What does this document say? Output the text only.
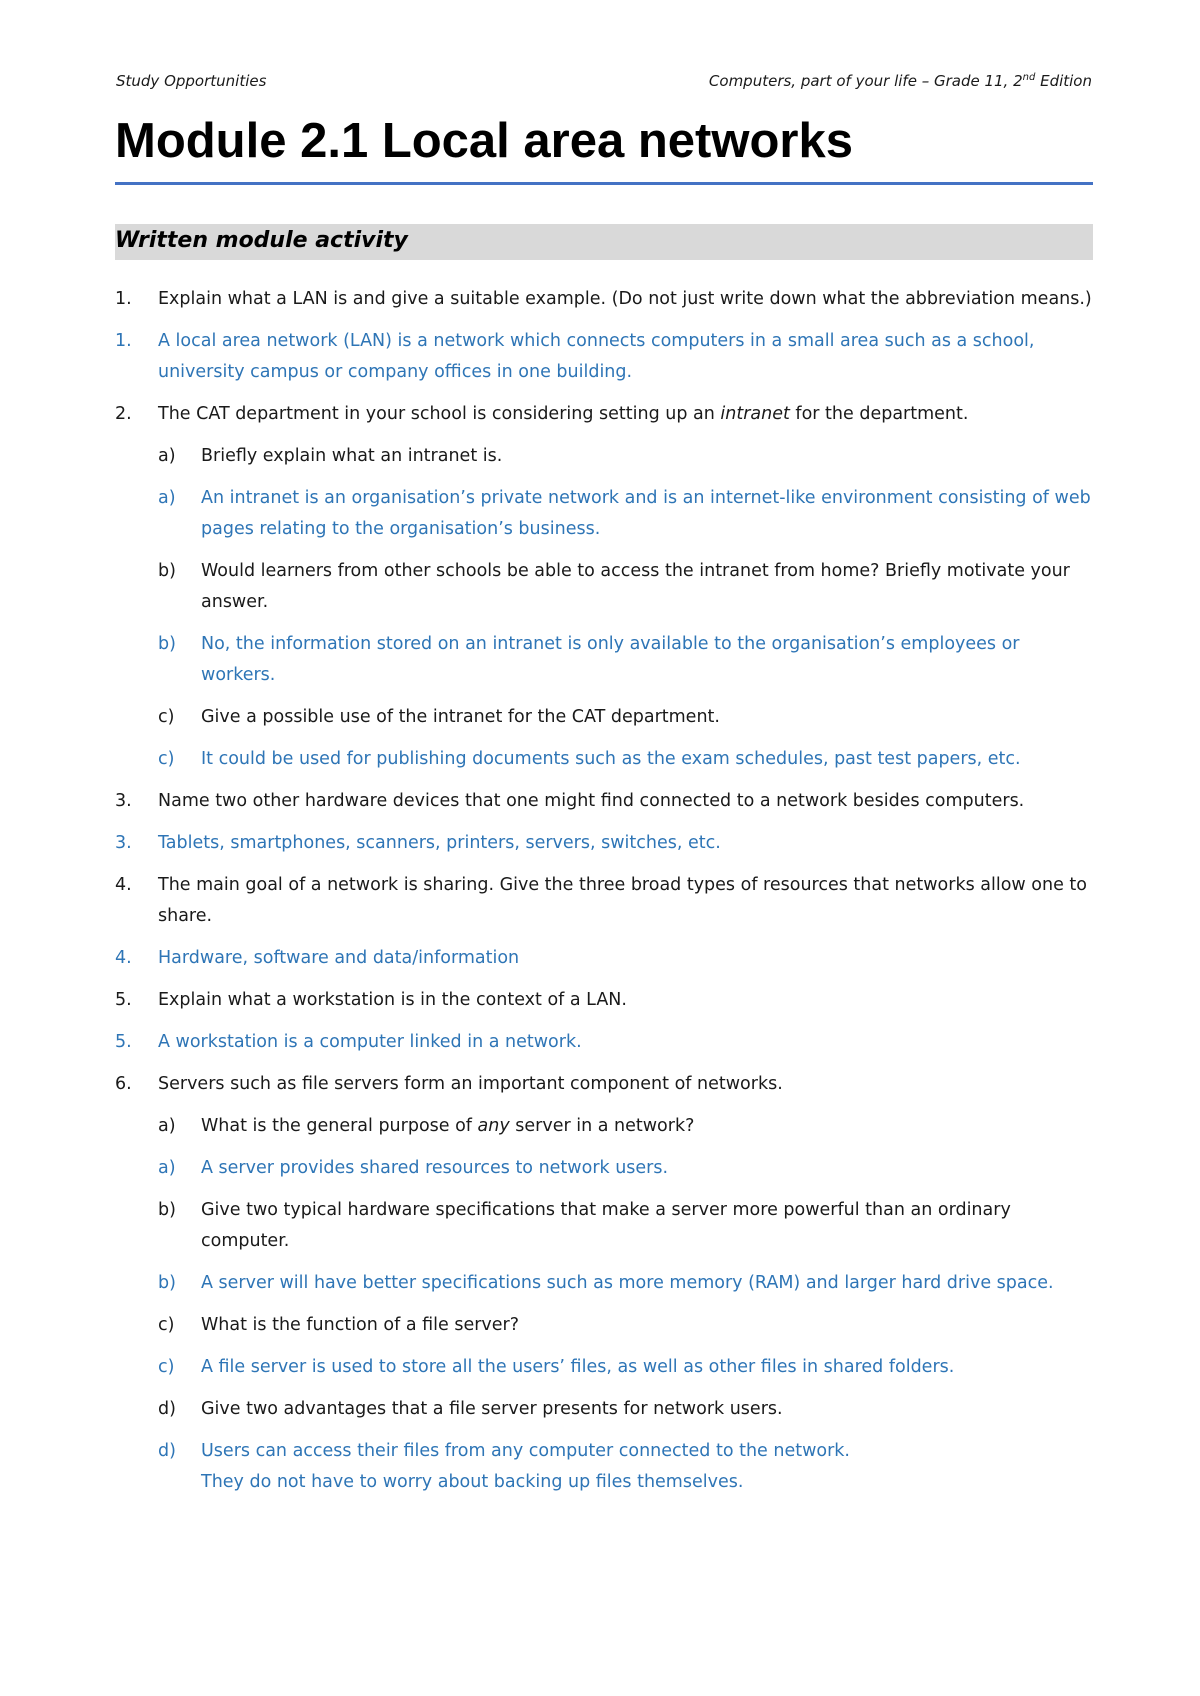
Study Opportunities	Computers, part of your life – Grade 11, 2nd Edition
Module 2.1 Local area networks
Written module activity
1. Explain what a LAN is and give a suitable example. (Do not just write down what the abbreviation means.)
1. A local area network (LAN) is a network which connects computers in a small area such as a school, university campus or company offices in one building.
2. The CAT department in your school is considering setting up an intranet for the department.
a) Briefly explain what an intranet is.
a) An intranet is an organisation’s private network and is an internet-like environment consisting of web pages relating to the organisation’s business.
b) Would learners from other schools be able to access the intranet from home? Briefly motivate your answer.
b) No, the information stored on an intranet is only available to the organisation’s employees or workers.
c) Give a possible use of the intranet for the CAT department.
c) It could be used for publishing documents such as the exam schedules, past test papers, etc.
3. Name two other hardware devices that one might find connected to a network besides computers.
3. Tablets, smartphones, scanners, printers, servers, switches, etc.
4. The main goal of a network is sharing. Give the three broad types of resources that networks allow one to share.
4. Hardware, software and data/information
5. Explain what a workstation is in the context of a LAN.
5. A workstation is a computer linked in a network.
6. Servers such as file servers form an important component of networks.
a) What is the general purpose of any server in a network?
a) A server provides shared resources to network users.
b) Give two typical hardware specifications that make a server more powerful than an ordinary computer.
b) A server will have better specifications such as more memory (RAM) and larger hard drive space.
c) What is the function of a file server?
c) A file server is used to store all the users’ files, as well as other files in shared folders.
d) Give two advantages that a file server presents for network users.
d) Users can access their files from any computer connected to the network.
They do not have to worry about backing up files themselves.
